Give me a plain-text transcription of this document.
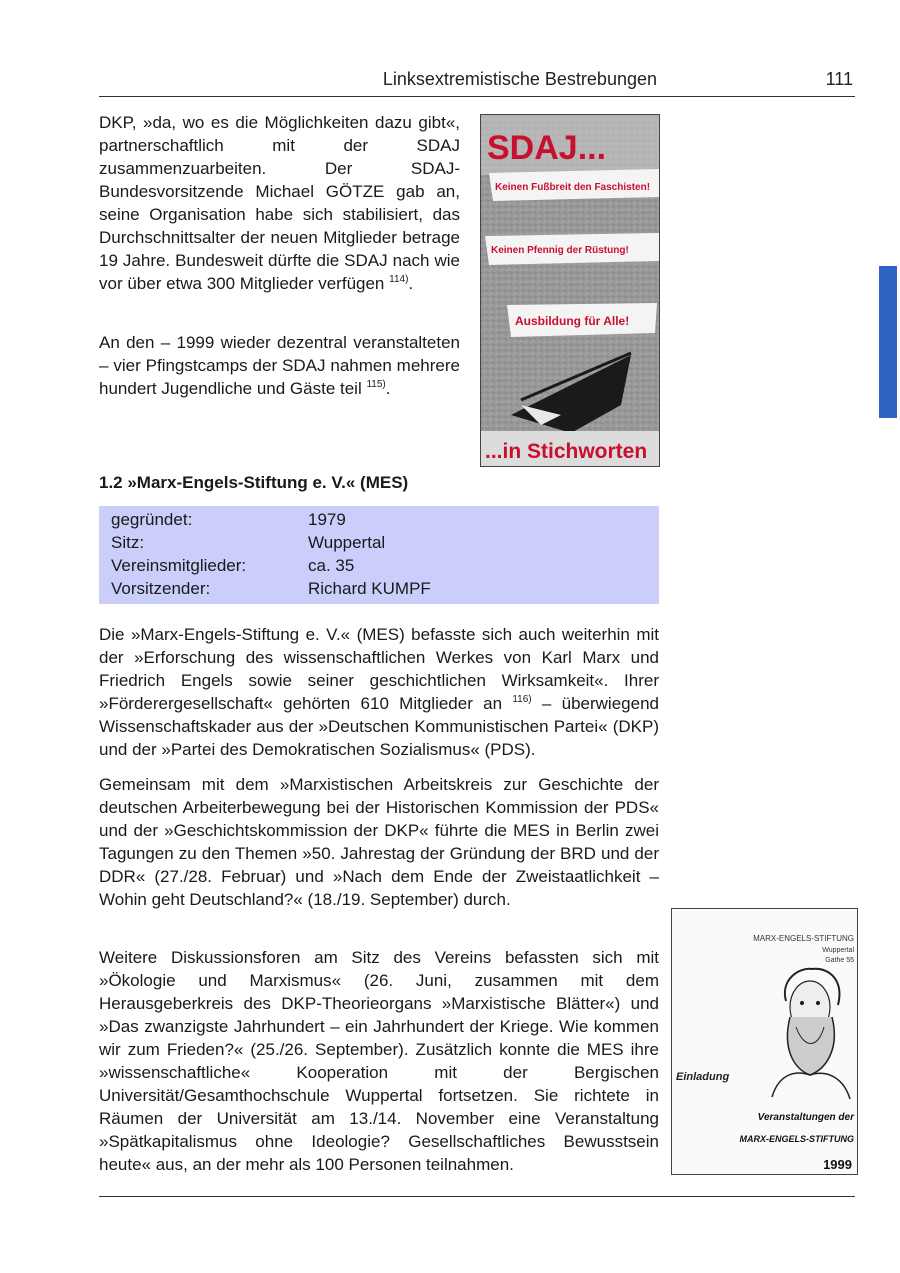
Linksextremistische Bestrebungen	111

DKP, »da, wo es die Möglichkeiten dazu gibt«, partnerschaftlich mit der SDAJ zusammenzuarbeiten. Der SDAJ-Bundesvorsitzende Michael GÖTZE gab an, seine Organisation habe sich stabilisiert, das Durchschnittsalter der neuen Mitglieder betrage 19 Jahre. Bundesweit dürfte die SDAJ nach wie vor über etwa 300 Mitglieder verfügen $^{114)}$.

An den – 1999 wieder dezentral veranstalteten – vier Pfingstcamps der SDAJ nahmen mehrere hundert Jugendliche und Gäste teil $^{115)}$.

SDAJ...
Keinen Fußbreit den Faschisten!
Keinen Pfennig der Rüstung!
Ausbildung für Alle!
...in Stichworten
1.2 »Marx-Engels-Stiftung e. V.« (MES)
gegründet:	1979
Sitz:	Wuppertal
Vereinsmitglieder:	ca. 35
Vorsitzender:	Richard KUMPF

Die »Marx-Engels-Stiftung e. V.« (MES) befasste sich auch weiterhin mit der »Erforschung des wissenschaftlichen Werkes von Karl Marx und Friedrich Engels sowie seiner geschichtlichen Wirksamkeit«. Ihrer »Förderergesellschaft« gehörten 610 Mitglieder an $^{116)}$ – überwiegend Wissenschaftskader aus der »Deutschen Kommunistischen Partei« (DKP) und der »Partei des Demokratischen Sozialismus« (PDS).

Gemeinsam mit dem »Marxistischen Arbeitskreis zur Geschichte der deutschen Arbeiterbewegung bei der Historischen Kommission der PDS« und der »Geschichtskommission der DKP« führte die MES in Berlin zwei Tagungen zu den Themen »50. Jahrestag der Gründung der BRD und der DDR« (27./28. Februar) und »Nach dem Ende der Zweistaatlichkeit – Wohin geht Deutschland?« (18./19. September) durch.
Weitere Diskussionsforen am Sitz des Vereins befassten sich mit »Ökologie und Marxismus« (26. Juni, zusammen mit dem Herausgeberkreis des DKP-Theorieorgans »Marxistische Blätter«) und »Das zwanzigste Jahrhundert – ein Jahrhundert der Kriege. Wie kommen wir zum Frieden?« (25./26. September). Zusätzlich konnte die MES ihre »wissenschaftliche« Kooperation mit der Bergischen Universität/Gesamthochschule Wuppertal fortsetzen. Sie richtete in Räumen der Universität am 13./14. November eine Veranstaltung »Spätkapitalismus ohne Ideologie? Gesellschaftliches Bewusstsein heute« aus, an der mehr als 100 Personen teilnahmen.
MARX-ENGELS-STIFTUNG
Wuppertal
Gathe 55
Einladung
Veranstaltungen der
MARX-ENGELS-STIFTUNG
1999
